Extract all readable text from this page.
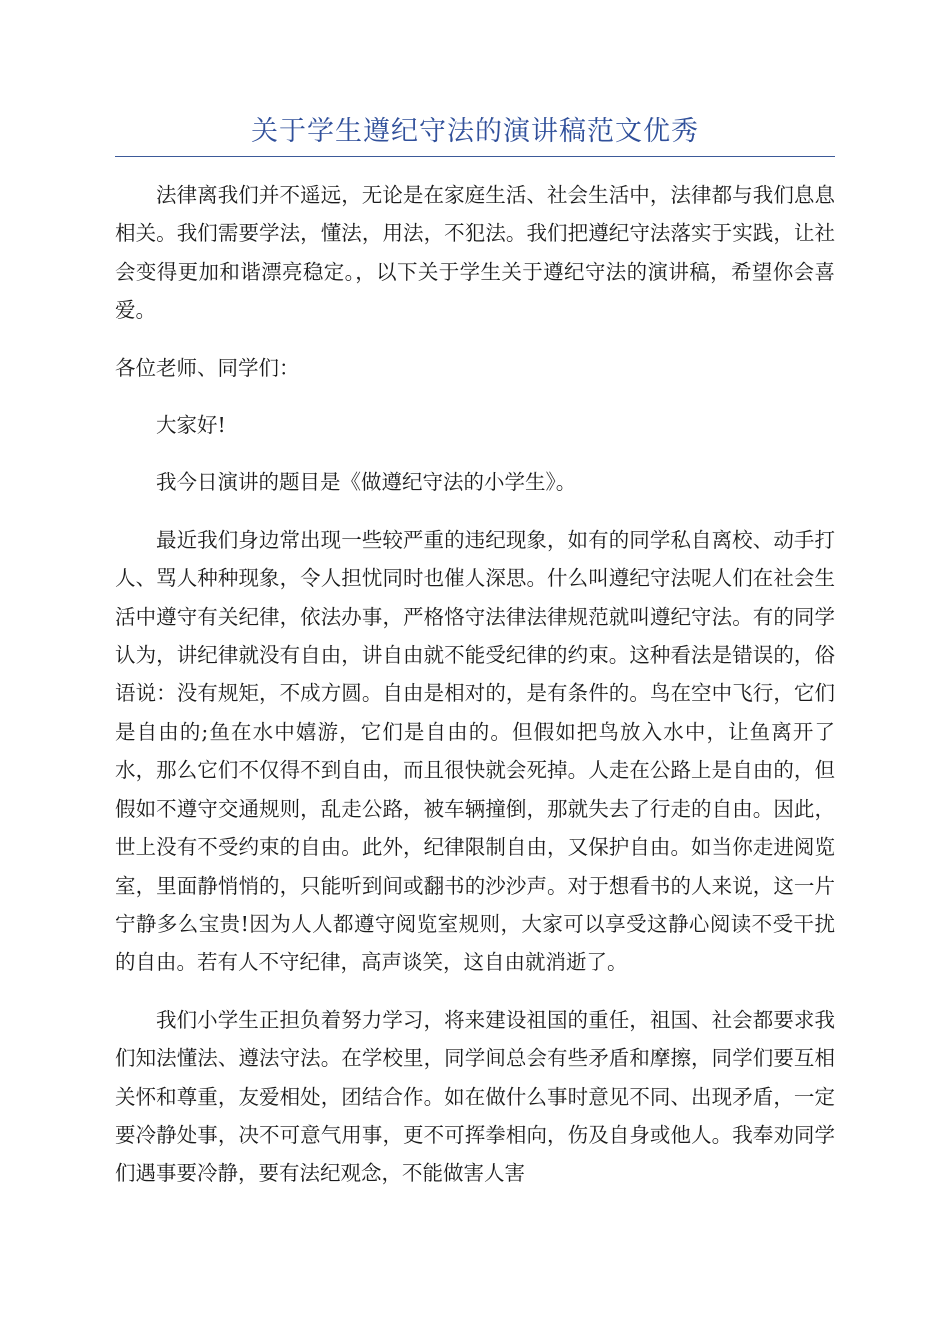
关于学生遵纪守法的演讲稿范文优秀

法律离我们并不遥远，无论是在家庭生活、社会生活中，法律都与我们息息相关。我们需要学法，懂法，用法，不犯法。我们把遵纪守法落实于实践，让社会变得更加和谐漂亮稳定。，以下关于学生关于遵纪守法的演讲稿，希望你会喜爱。

各位老师、同学们：

大家好!

我今日演讲的题目是《做遵纪守法的小学生》。

最近我们身边常出现一些较严重的违纪现象，如有的同学私自离校、动手打人、骂人种种现象，令人担忧同时也催人深思。什么叫遵纪守法呢人们在社会生活中遵守有关纪律，依法办事，严格恪守法律法律规范就叫遵纪守法。有的同学认为，讲纪律就没有自由，讲自由就不能受纪律的约束。这种看法是错误的，俗语说：没有规矩，不成方圆。自由是相对的，是有条件的。鸟在空中飞行，它们是自由的;鱼在水中嬉游，它们是自由的。但假如把鸟放入水中，让鱼离开了水，那么它们不仅得不到自由，而且很快就会死掉。人走在公路上是自由的，但假如不遵守交通规则，乱走公路，被车辆撞倒，那就失去了行走的自由。因此，世上没有不受约束的自由。此外，纪律限制自由，又保护自由。如当你走进阅览室，里面静悄悄的，只能听到间或翻书的沙沙声。对于想看书的人来说，这一片宁静多么宝贵!因为人人都遵守阅览室规则，大家可以享受这静心阅读不受干扰的自由。若有人不守纪律，高声谈笑，这自由就消逝了。

我们小学生正担负着努力学习，将来建设祖国的重任，祖国、社会都要求我们知法懂法、遵法守法。在学校里，同学间总会有些矛盾和摩擦，同学们要互相关怀和尊重，友爱相处，团结合作。如在做什么事时意见不同、出现矛盾，一定要冷静处事，决不可意气用事，更不可挥拳相向，伤及自身或他人。我奉劝同学们遇事要冷静，要有法纪观念，不能做害人害
